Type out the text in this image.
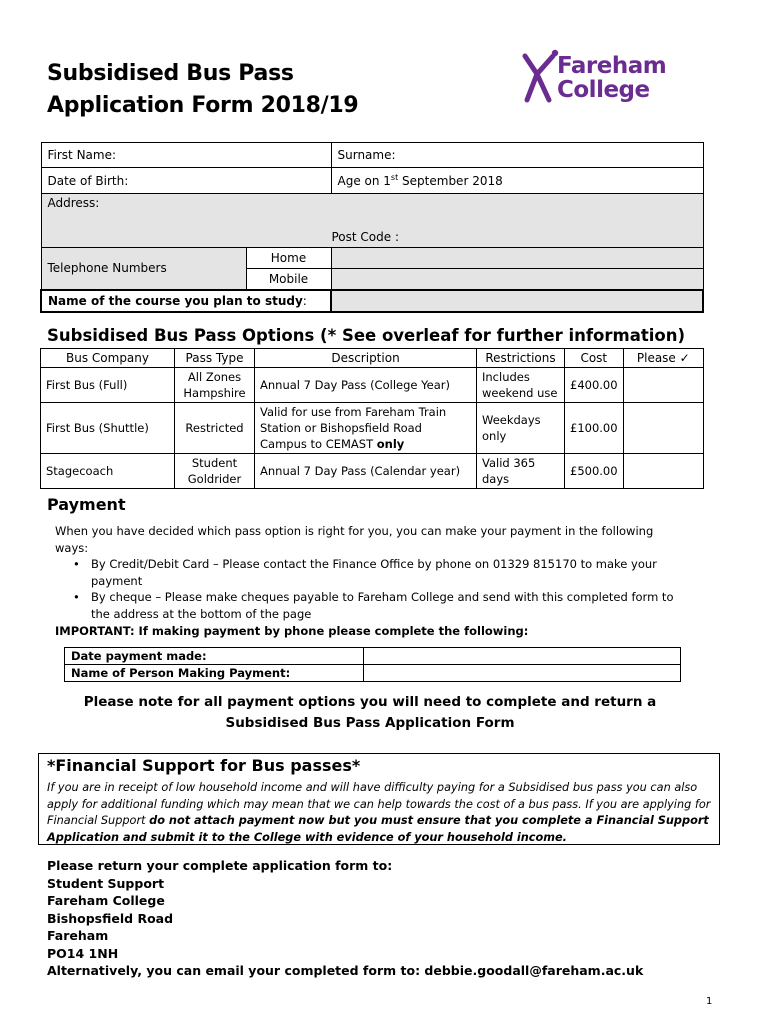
Subsidised Bus Pass
Application Form 2018/19
Fareham
College
First Name:		Surname:
Date of Birth:		Age on 1st September 2018
Address:
Post Code :		

Telephone Numbers	Home	
	Mobile	
Name of the course you plan to study:		
Subsidised Bus Pass Options (* See overleaf for further information)
Bus Company	Pass Type	Description	Restrictions	Cost	Please ✓
First Bus (Full)	All Zones Hampshire	Annual 7 Day Pass (College Year)	Includes weekend use	£400.00	
First Bus (Shuttle)	Restricted	Valid for use from Fareham Train Station or Bishopsfield Road Campus to CEMAST only	Weekdays only	£100.00	
Stagecoach	Student Goldrider	Annual 7 Day Pass (Calendar year)	Valid 365 days	£500.00	
Payment
When you have decided which pass option is right for you, you can make your payment in the following ways:
• By Credit/Debit Card – Please contact the Finance Office by phone on 01329 815170 to make your payment
• By cheque – Please make cheques payable to Fareham College and send with this completed form to the address at the bottom of the page
IMPORTANT: If making payment by phone please complete the following:
Date payment made:	
Name of Person Making Payment:	
Please note for all payment options you will need to complete and return a
Subsidised Bus Pass Application Form
*Financial Support for Bus passes*
If you are in receipt of low household income and will have difficulty paying for a Subsidised bus pass you can also apply for additional funding which may mean that we can help towards the cost of a bus pass. If you are applying for Financial Support do not attach payment now but you must ensure that you complete a Financial Support Application and submit it to the College with evidence of your household income.
Please return your complete application form to:
Student Support
Fareham College
Bishopsfield Road
Fareham
PO14 1NH
Alternatively, you can email your completed form to: debbie.goodall@fareham.ac.uk
1
